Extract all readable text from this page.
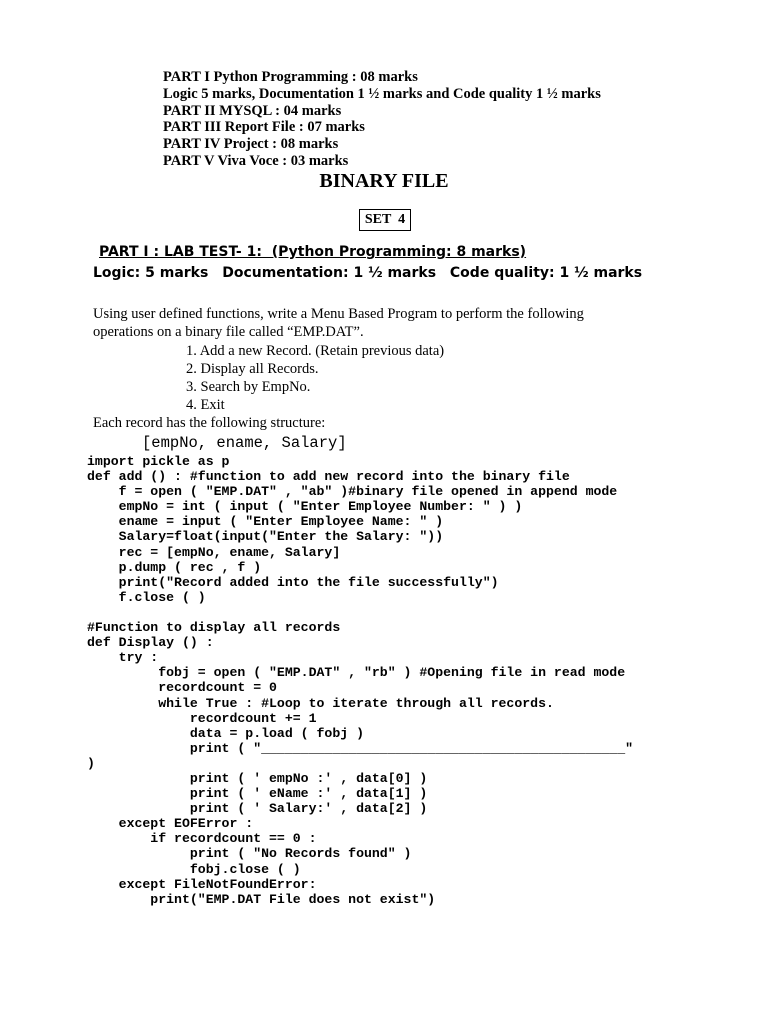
PART I Python Programming : 08 marks
Logic 5 marks, Documentation 1 ½ marks and Code quality 1 ½ marks
PART II MYSQL : 04 marks
PART III Report File : 07 marks
PART IV Project : 08 marks
PART V Viva Voce : 03 marks
BINARY FILE
SET  4
PART I : LAB TEST- 1:  (Python Programming: 8 marks)
Logic: 5 marks Documentation: 1 ½ marks Code quality: 1 ½ marks
Using user defined functions, write a Menu Based Program to perform the following
operations on a binary file called “EMP.DAT”.
1. Add a new Record. (Retain previous data)
2. Display all Records.
3. Search by EmpNo.
4. Exit
Each record has the following structure:
[empNo, ename, Salary]
import pickle as p
def add () : #function to add new record into the binary file
f = open ( "EMP.DAT" , "ab" )#binary file opened in append mode
empNo = int ( input ( "Enter Employee Number: " ) )
ename = input ( "Enter Employee Name: " )
Salary=float(input("Enter the Salary: "))
rec = [empNo, ename, Salary]
p.dump ( rec , f )
print("Record added into the file successfully")
f.close ( )
#Function to display all records
def Display () :
try :
fobj = open ( "EMP.DAT" , "rb" ) #Opening file in read mode
recordcount = 0
while True : #Loop to iterate through all records.
recordcount += 1
data = p.load ( fobj )
print ( "______________________________________________"
)
print ( ' empNo :' , data[0] )
print ( ' eName :' , data[1] )
print ( ' Salary:' , data[2] )
except EOFError :
if recordcount == 0 :
print ( "No Records found" )
fobj.close ( )
except FileNotFoundError:
print("EMP.DAT File does not exist")
